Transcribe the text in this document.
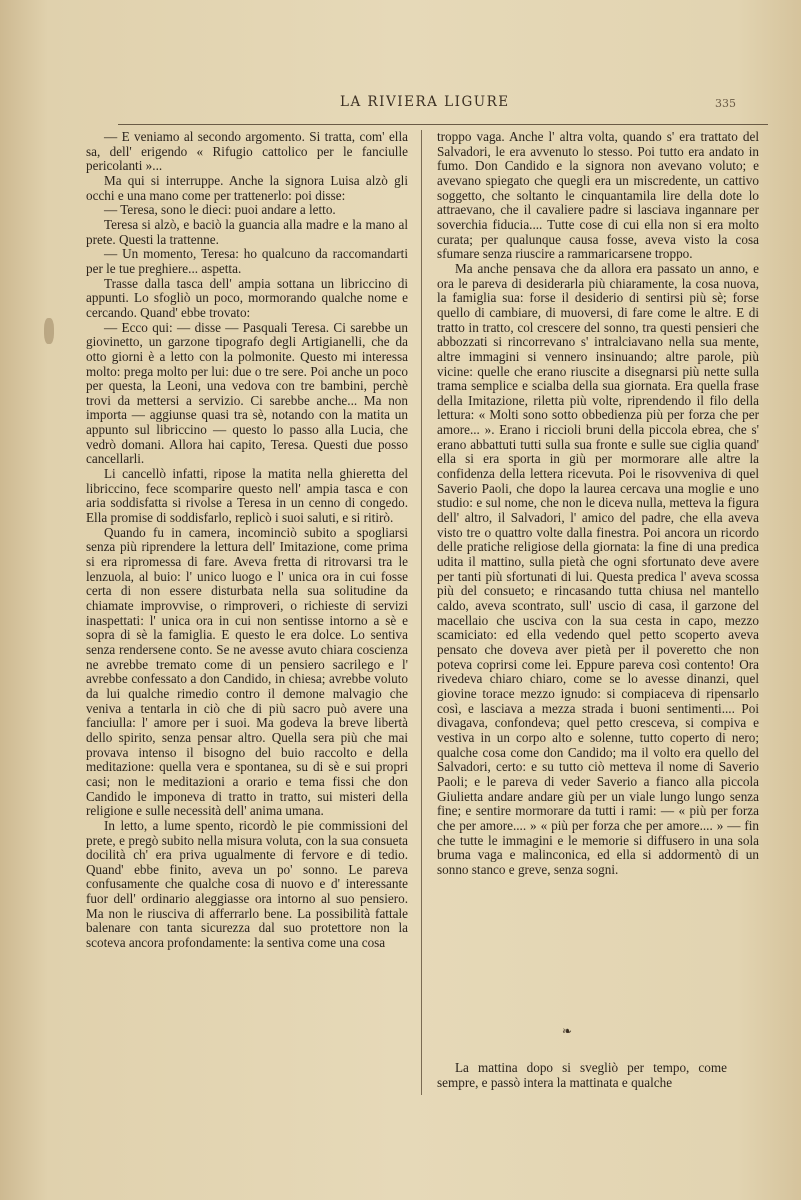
LA RIVIERA LIGURE	335

— E veniamo al secondo argomento. Si tratta, com' ella sa, dell' erigendo « Rifugio cattolico per le fanciulle pericolanti »...

Ma qui si interruppe. Anche la signora Luisa alzò gli occhi e una mano come per trattenerlo: poi disse:

— Teresa, sono le dieci: puoi andare a letto.

Teresa si alzò, e baciò la guancia alla madre e la mano al prete. Questi la trattenne.

— Un momento, Teresa: ho qualcuno da raccomandarti per le tue preghiere... aspetta.

Trasse dalla tasca dell' ampia sottana un libriccino di appunti. Lo sfogliò un poco, mormorando qualche nome e cercando. Quand' ebbe trovato:

— Ecco qui: — disse — Pasquali Teresa. Ci sarebbe un giovinetto, un garzone tipografo degli Artigianelli, che da otto giorni è a letto con la polmonite. Questo mi interessa molto: prega molto per lui: due o tre sere. Poi anche un poco per questa, la Leoni, una vedova con tre bambini, perchè trovi da mettersi a servizio. Ci sarebbe anche... Ma non importa — aggiunse quasi tra sè, notando con la matita un appunto sul libriccino — questo lo passo alla Lucia, che vedrò domani. Allora hai capito, Teresa. Questi due posso cancellarli.

Li cancellò infatti, ripose la matita nella ghieretta del libriccino, fece scomparire questo nell' ampia tasca e con aria soddisfatta si rivolse a Teresa in un cenno di congedo. Ella promise di soddisfarlo, replicò i suoi saluti, e si ritirò.

Quando fu in camera, incominciò subito a spogliarsi senza più riprendere la lettura dell' Imitazione, come prima si era ripromessa di fare. Aveva fretta di ritrovarsi tra le lenzuola, al buio: l' unico luogo e l' unica ora in cui fosse certa di non essere disturbata nella sua solitudine da chiamate improvvise, o rimproveri, o richieste di servizi inaspettati: l' unica ora in cui non sentisse intorno a sè e sopra di sè la famiglia. E questo le era dolce. Lo sentiva senza rendersene conto. Se ne avesse avuto chiara coscienza ne avrebbe tremato come di un pensiero sacrilego e l' avrebbe confessato a don Candido, in chiesa; avrebbe voluto da lui qualche rimedio contro il demone malvagio che veniva a tentarla in ciò che di più sacro può avere una fanciulla: l' amore per i suoi. Ma godeva la breve libertà dello spirito, senza pensar altro. Quella sera più che mai provava intenso il bisogno del buio raccolto e della meditazione: quella vera e spontanea, su di sè e sui propri casi; non le meditazioni a orario e tema fissi che don Candido le imponeva di tratto in tratto, sui misteri della religione e sulle necessità dell' anima umana.

In letto, a lume spento, ricordò le pie commissioni del prete, e pregò subito nella misura voluta, con la sua consueta docilità ch' era priva ugualmente di fervore e di tedio. Quand' ebbe finito, aveva un po' sonno. Le pareva confusamente che qualche cosa di nuovo e d' interessante fuor dell' ordinario aleggiasse ora intorno al suo pensiero. Ma non le riusciva di afferrarlo bene. La possibilità fattale balenare con tanta sicurezza dal suo protettore non la scoteva ancora profondamente: la sentiva come una cosa

troppo vaga. Anche l' altra volta, quando s' era trattato del Salvadori, le era avvenuto lo stesso. Poi tutto era andato in fumo. Don Candido e la signora non avevano voluto; e avevano spiegato che quegli era un miscredente, un cattivo soggetto, che soltanto le cinquantamila lire della dote lo attraevano, che il cavaliere padre si lasciava ingannare per soverchia fiducia.... Tutte cose di cui ella non si era molto curata; per qualunque causa fosse, aveva visto la cosa sfumare senza riuscire a rammaricarsene troppo.

Ma anche pensava che da allora era passato un anno, e ora le pareva di desiderarla più chiaramente, la cosa nuova, la famiglia sua: forse il desiderio di sentirsi più sè; forse quello di cambiare, di muoversi, di fare come le altre. E di tratto in tratto, col crescere del sonno, tra questi pensieri che abbozzati si rincorrevano s' intralciavano nella sua mente, altre immagini si vennero insinuando; altre parole, più vicine: quelle che erano riuscite a disegnarsi più nette sulla trama semplice e scialba della sua giornata. Era quella frase della Imitazione, riletta più volte, riprendendo il filo della lettura: « Molti sono sotto obbedienza più per forza che per amore... ». Erano i riccioli bruni della piccola ebrea, che s' erano abbattuti tutti sulla sua fronte e sulle sue ciglia quand' ella si era sporta in giù per mormorare alle altre la confidenza della lettera ricevuta. Poi le risovveniva di quel Saverio Paoli, che dopo la laurea cercava una moglie e uno studio: e sul nome, che non le diceva nulla, metteva la figura dell' altro, il Salvadori, l' amico del padre, che ella aveva visto tre o quattro volte dalla finestra. Poi ancora un ricordo delle pratiche religiose della giornata: la fine di una predica udita il mattino, sulla pietà che ogni sfortunato deve avere per tanti più sfortunati di lui. Questa predica l' aveva scossa più del consueto; e rincasando tutta chiusa nel mantello caldo, aveva scontrato, sull' uscio di casa, il garzone del macellaio che usciva con la sua cesta in capo, mezzo scamiciato: ed ella vedendo quel petto scoperto aveva pensato che doveva aver pietà per il poveretto che non poteva coprirsi come lei. Eppure pareva così contento! Ora rivedeva chiaro chiaro, come se lo avesse dinanzi, quel giovine torace mezzo ignudo: si compiaceva di ripensarlo così, e lasciava a mezza strada i buoni sentimenti.... Poi divagava, confondeva; quel petto cresceva, si compiva e vestiva in un corpo alto e solenne, tutto coperto di nero; qualche cosa come don Candido; ma il volto era quello del Salvadori, certo: e su tutto ciò metteva il nome di Saverio Paoli; e le pareva di veder Saverio a fianco alla piccola Giulietta andare andare giù per un viale lungo lungo senza fine; e sentire mormorare da tutti i rami: — « più per forza che per amore.... » « più per forza che per amore.... » — fin che tutte le immagini e le memorie si diffusero in una sola bruma vaga e malinconica, ed ella si addormentò di un sonno stanco e greve, senza sogni.

❧
La mattina dopo si svegliò per tempo, come sempre, e passò intera la mattinata e qualche
